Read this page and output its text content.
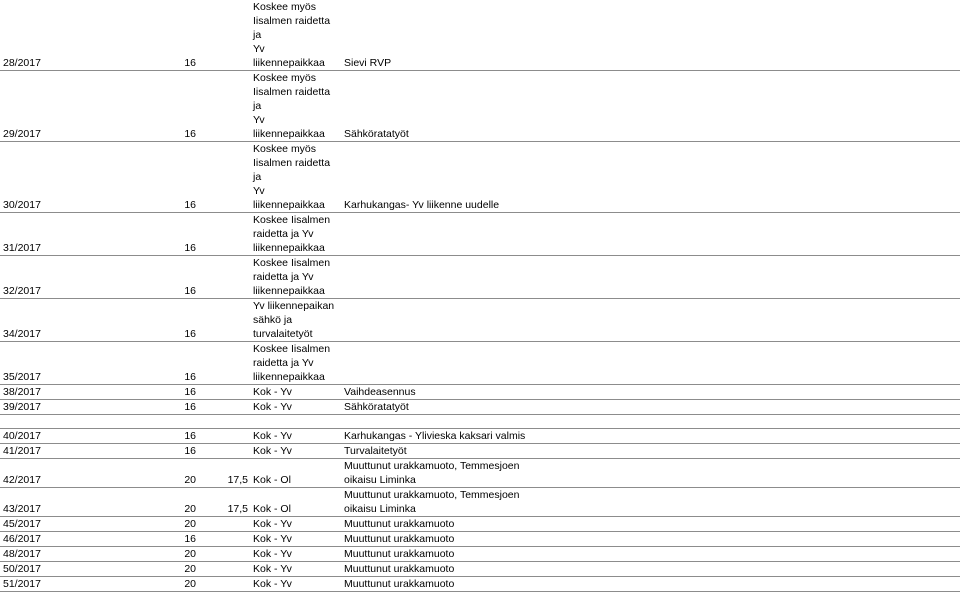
28/2017	16		Koskee myös
Iisalmen raidetta ja
Yv liikennepaikkaa	Sievi RVP	

29/2017	16		Koskee myös
Iisalmen raidetta ja
Yv liikennepaikkaa	Sähköratatyöt	

30/2017	16		Koskee myös
Iisalmen raidetta ja
Yv liikennepaikkaa	Karhukangas- Yv liikenne uudelle	

31/2017	16		Koskee Iisalmen
raidetta ja Yv
liikennepaikkaa		

32/2017	16		Koskee Iisalmen
raidetta ja Yv
liikennepaikkaa		

34/2017	16		Yv liikennepaikan
sähkö ja
turvalaitetyöt		

35/2017	16		Koskee Iisalmen
raidetta ja Yv
liikennepaikkaa		

38/2017	16		Kok - Yv	Vaihdeasennus	

39/2017	16		Kok - Yv	Sähköratatyöt	

40/2017	16		Kok - Yv	Karhukangas - Ylivieska kaksari valmis	

41/2017	16		Kok - Yv	Turvalaitetyöt	

42/2017	20	17,5	Kok - Ol	Muuttunut urakkamuoto, Temmesjoen
oikaisu Liminka	

43/2017	20	17,5	Kok - Ol	Muuttunut urakkamuoto, Temmesjoen
oikaisu Liminka	

45/2017	20		Kok - Yv	Muuttunut urakkamuoto	

46/2017	16		Kok - Yv	Muuttunut urakkamuoto	

48/2017	20		Kok - Yv	Muuttunut urakkamuoto	

50/2017	20		Kok - Yv	Muuttunut urakkamuoto	

51/2017	20		Kok - Yv	Muuttunut urakkamuoto	
